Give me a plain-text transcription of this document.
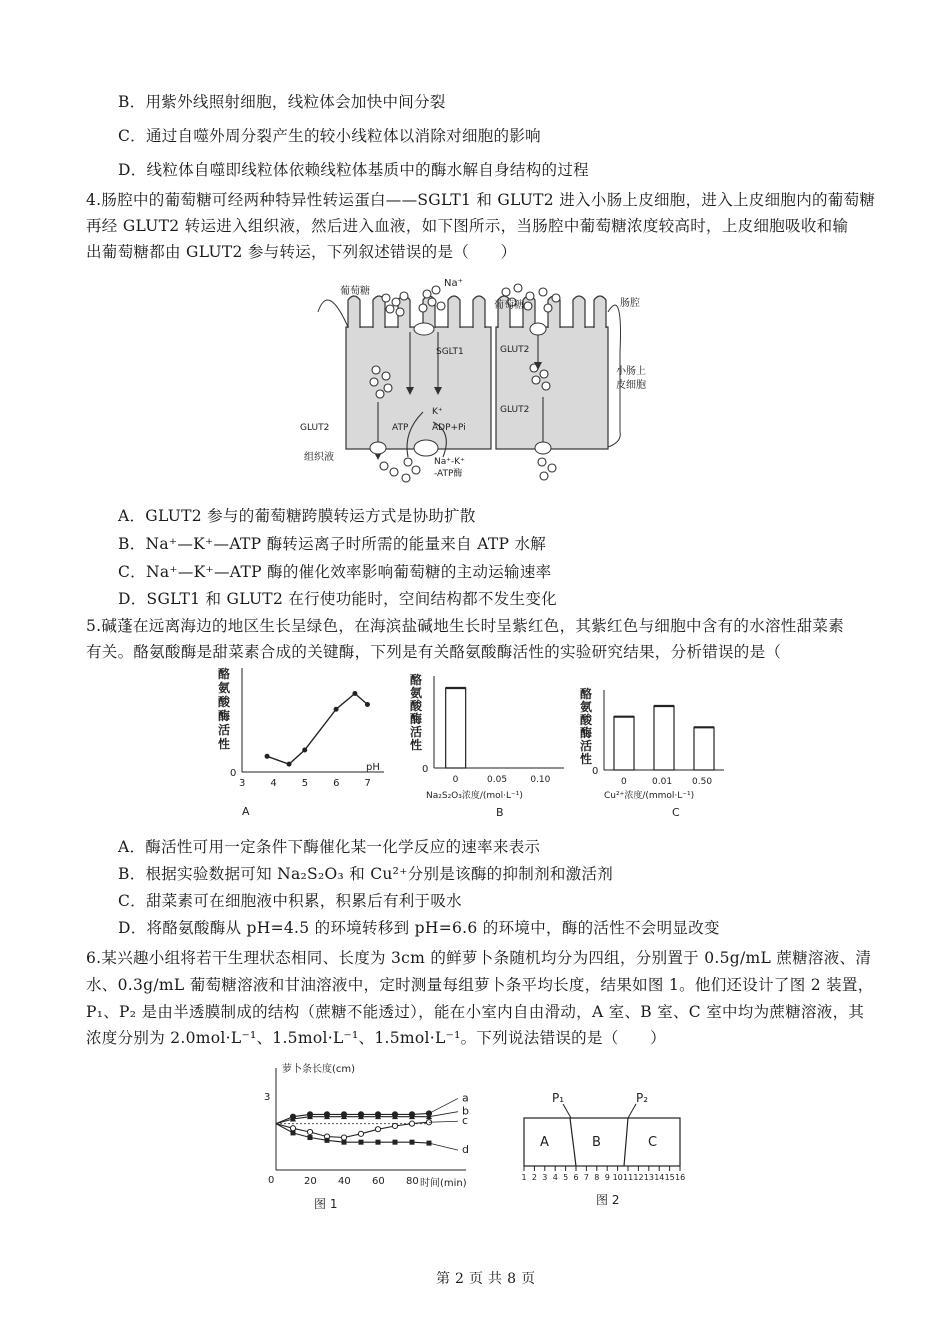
B．用紫外线照射细胞，线粒体会加快中间分裂
C．通过自噬外周分裂产生的较小线粒体以消除对细胞的影响
D．线粒体自噬即线粒体依赖线粒体基质中的酶水解自身结构的过程
4.肠腔中的葡萄糖可经两种特异性转运蛋白——SGLT1 和 GLUT2 进入小肠上皮细胞，进入上皮细胞内的葡萄糖
再经 GLUT2 转运进入组织液，然后进入血液，如下图所示，当肠腔中葡萄糖浓度较高时，上皮细胞吸收和输
出葡萄糖都由 GLUT2 参与转运，下列叙述错误的是（　　）
葡萄糖
Na⁺
葡萄糖	肠腔
SGLT1	GLUT2
小肠上
皮细胞
GLUT2
GLUT2	ATP
K⁺
ADP+Pi
组织液	Na⁺-K⁺
-ATP酶
A．GLUT2 参与的葡萄糖跨膜转运方式是协助扩散
B．Na⁺—K⁺—ATP 酶转运离子时所需的能量来自 ATP 水解
C．Na⁺—K⁺—ATP 酶的催化效率影响葡萄糖的主动运输速率
D．SGLT1 和 GLUT2 在行使功能时，空间结构都不发生变化
5.碱蓬在远离海边的地区生长呈绿色，在海滨盐碱地生长时呈紫红色，其紫红色与细胞中含有的水溶性甜菜素
有关。酪氨酸酶是甜菜素合成的关键酶，下列是有关酪氨酸酶活性的实验研究结果，分析错误的是（
酪
氨
酸
酶
活
性
3 4 5 6 7
pH
0
A
酪
氨
酸
酶
活
性
0
0	0.05	0.10
Na₂S₂O₃浓度/(mol·L⁻¹)
B
酪
氨
酸
酶
活
性
0
0	0.01 0.50
Cu²⁺浓度/(mmol·L⁻¹)
C
A．酶活性可用一定条件下酶催化某一化学反应的速率来表示
B．根据实验数据可知 Na₂S₂O₃ 和 Cu²⁺分别是该酶的抑制剂和激活剂
C．甜菜素可在细胞液中积累，积累后有利于吸水
D．将酪氨酸酶从 pH=4.5 的环境转移到 pH=6.6 的环境中，酶的活性不会明显改变
6.某兴趣小组将若干生理状态相同、长度为 3cm 的鲜萝卜条随机均分为四组，分别置于 0.5g/mL 蔗糖溶液、清
水、0.3g/mL 葡萄糖溶液和甘油溶液中，定时测量每组萝卜条平均长度，结果如图 1。他们还设计了图 2 装置，
P₁、P₂ 是由半透膜制成的结构（蔗糖不能透过），能在小室内自由滑动，A 室、B 室、C 室中均为蔗糖溶液，其
浓度分别为 2.0mol·L⁻¹、1.5mol·L⁻¹、1.5mol·L⁻¹。下列说法错误的是（　　）
20 40 60 80
a
b
c
d
萝卜条长度(cm)
时间(min)
0
3
图 1
P₁	P₂
A	B	C
1 2 3 4 5 6 7 8 9 10 11 12 13 14 15 16
图 2
第 2 页 共 8 页
